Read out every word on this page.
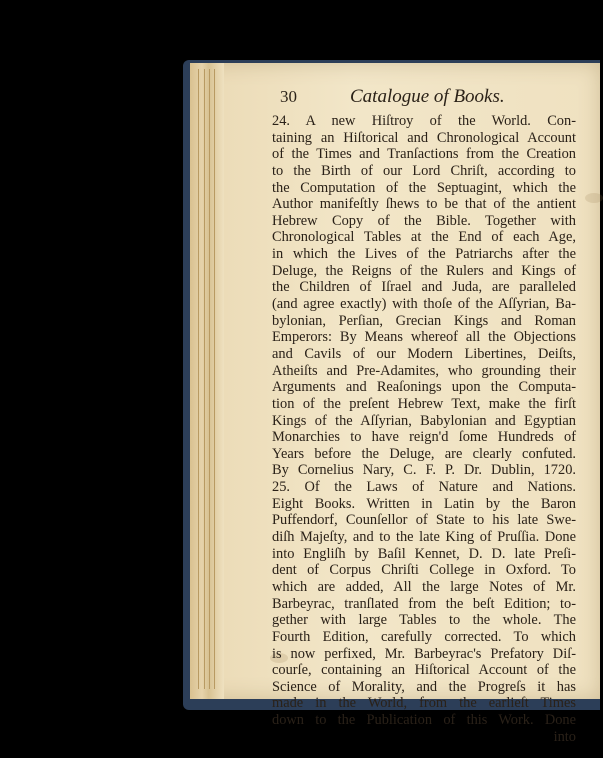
30	Catalogue of Books.
24. A new Hiſtroy of the World. Con-
taining an Hiſtorical and Chronological Account
of the Times and Tranſactions from the Creation
to the Birth of our Lord Chriſt, according to
the Computation of the Septuagint, which the
Author manifeſtly ſhews to be that of the antient
Hebrew Copy of the Bible. Together with
Chronological Tables at the End of each Age,
in which the Lives of the Patriarchs after the
Deluge, the Reigns of the Rulers and Kings of
the Children of Iſrael and Juda, are paralleled
(and agree exactly) with thoſe of the Aſſyrian, Ba-
bylonian, Perſian, Grecian Kings and Roman
Emperors: By Means whereof all the Objections
and Cavils of our Modern Libertines, Deiſts,
Atheiſts and Pre-Adamites, who grounding their
Arguments and Reaſonings upon the Computa-
tion of the preſent Hebrew Text, make the firſt
Kings of the Aſſyrian, Babylonian and Egyptian
Monarchies to have reign'd ſome Hundreds of
Years before the Deluge, are clearly confuted.
By Cornelius Nary, C. F. P. Dr. Dublin, 1720.
25. Of the Laws of Nature and Nations.
Eight Books. Written in Latin by the Baron
Puffendorf, Counſellor of State to his late Swe-
diſh Majeſty, and to the late King of Pruſſia. Done
into Engliſh by Baſil Kennet, D. D. late Preſi-
dent of Corpus Chriſti College in Oxford. To
which are added, All the large Notes of Mr.
Barbeyrac, tranſlated from the beſt Edition; to-
gether with large Tables to the whole. The
Fourth Edition, carefully corrected. To which
is now perfixed, Mr. Barbeyrac's Prefatory Diſ-
courſe, containing an Hiſtorical Account of the
Science of Morality, and the Progreſs it has
made in the World, from the earlieſt Times
down to the Publication of this Work. Done
into
